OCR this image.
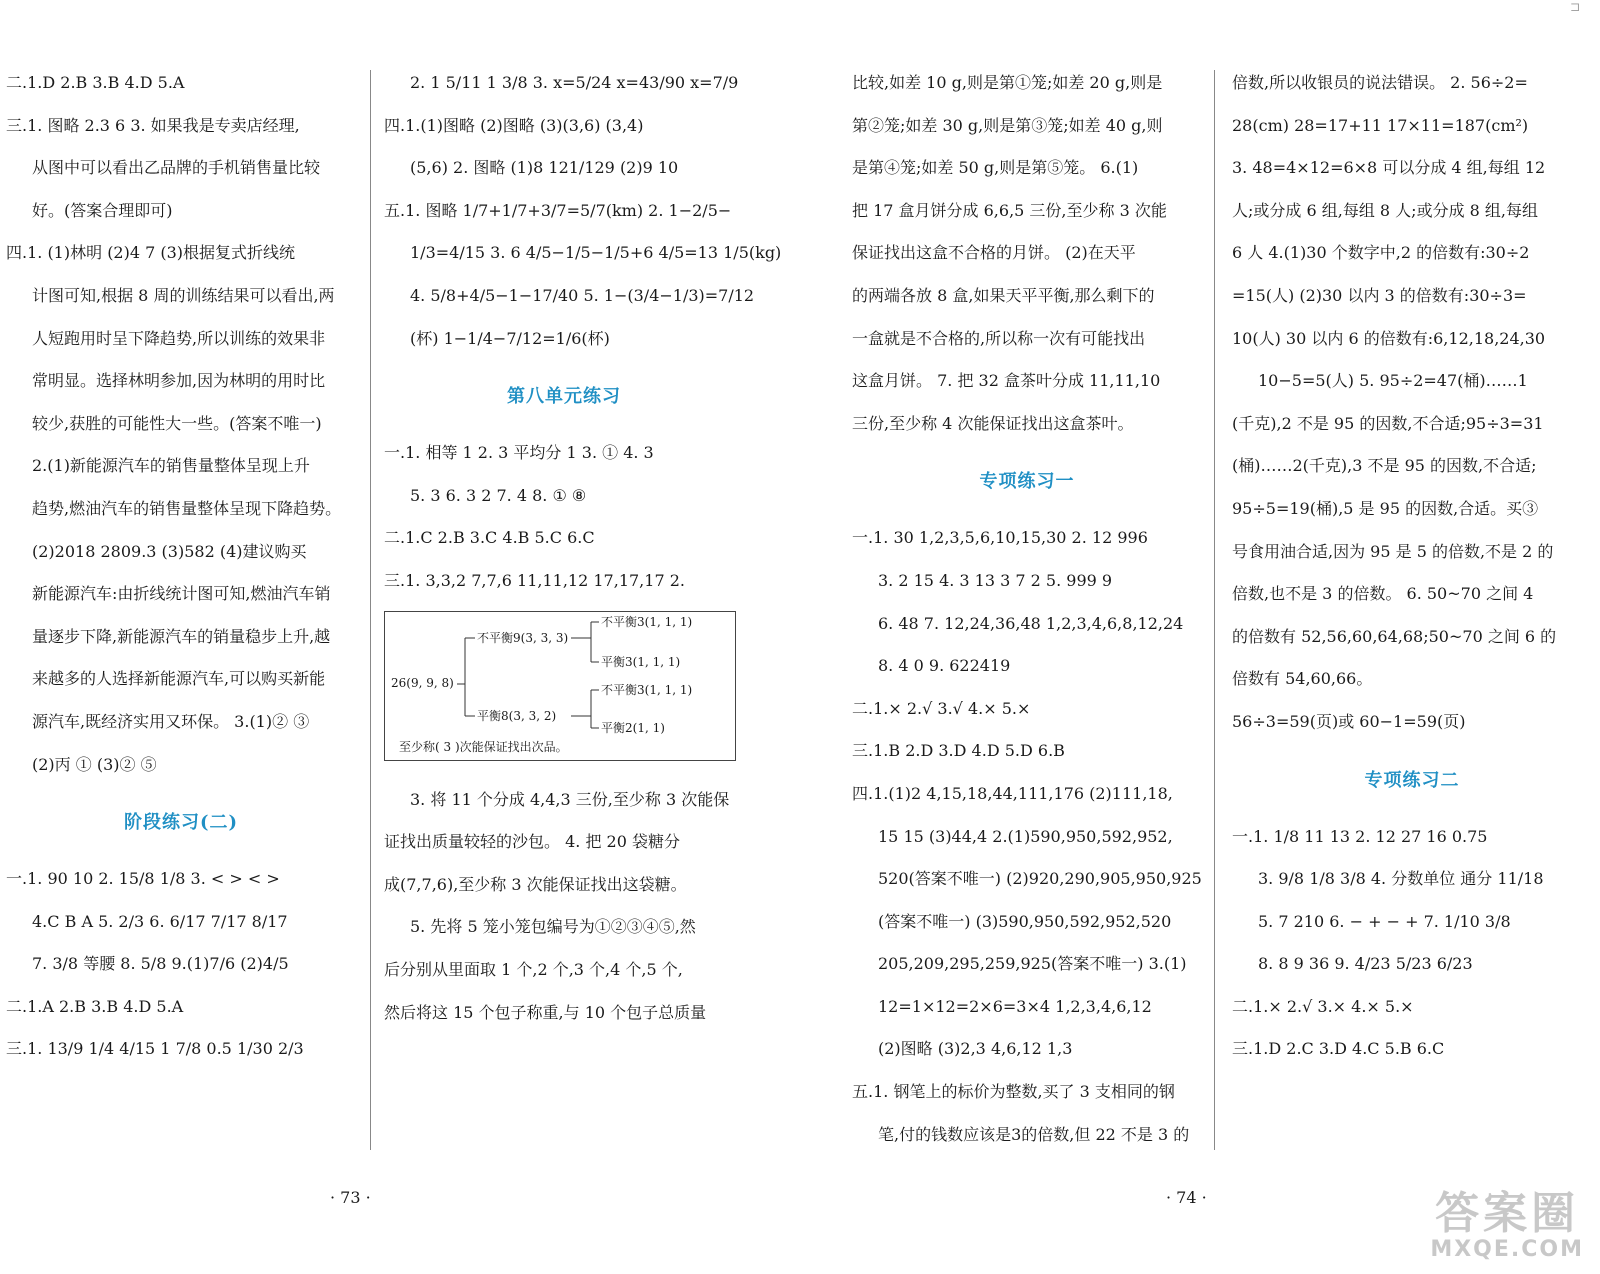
⊐

二.1.D 2.B 3.B 4.D 5.A

三.1. 图略 2.3 6 3. 如果我是专卖店经理,

从图中可以看出乙品牌的手机销售量比较

好。(答案合理即可)

四.1. (1)林明 (2)4 7 (3)根据复式折线统

计图可知,根据 8 周的训练结果可以看出,两

人短跑用时呈下降趋势,所以训练的效果非

常明显。选择林明参加,因为林明的用时比

较少,获胜的可能性大一些。(答案不唯一)

2.(1)新能源汽车的销售量整体呈现上升

趋势,燃油汽车的销售量整体呈现下降趋势。

(2)2018 2809.3 (3)582 (4)建议购买

新能源汽车:由折线统计图可知,燃油汽车销

量逐步下降,新能源汽车的销量稳步上升,越

来越多的人选择新能源汽车,可以购买新能

源汽车,既经济实用又环保。 3.(1)② ③

(2)丙 ① (3)② ⑤

阶段练习(二)

一.1. 90 10 2. 15/8 1/8 3. < > < >

4.C B A 5. 2/3 6. 6/17 7/17 8/17

7. 3/8 等腰 8. 5/8 9.(1)7/6 (2)4/5

二.1.A 2.B 3.B 4.D 5.A

三.1. 13/9 1/4 4/15 1 7/8 0.5 1/30 2/3

2. 1 5/11 1 3/8 3. x=5/24 x=43/90 x=7/9

四.1.(1)图略 (2)图略 (3)(3,6) (3,4)

(5,6) 2. 图略 (1)8 121/129 (2)9 10

五.1. 图略 1/7+1/7+3/7=5/7(km) 2. 1−2/5−

1/3=4/15 3. 6 4/5−1/5−1/5+6 4/5=13 1/5(kg)

4. 5/8+4/5−1−17/40 5. 1−(3/4−1/3)=7/12

(杯) 1−1/4−7/12=1/6(杯)

第八单元练习

一.1. 相等 1 2. 3 平均分 1 3. ① 4. 3

5. 3 6. 3 2 7. 4 8. ① ⑧

二.1.C 2.B 3.C 4.B 5.C 6.C

三.1. 3,3,2 7,7,6 11,11,12 17,17,17 2.

26(9, 9, 8)
不平衡9(3, 3, 3)
平衡8(3, 3, 2)
不平衡3(1, 1, 1)
平衡3(1, 1, 1)
不平衡3(1, 1, 1)
平衡2(1, 1)
至少称( 3 )次能保证找出次品。

3. 将 11 个分成 4,4,3 三份,至少称 3 次能保

证找出质量较轻的沙包。 4. 把 20 袋糖分

成(7,7,6),至少称 3 次能保证找出这袋糖。

5. 先将 5 笼小笼包编号为①②③④⑤,然

后分别从里面取 1 个,2 个,3 个,4 个,5 个,

然后将这 15 个包子称重,与 10 个包子总质量

比较,如差 10 g,则是第①笼;如差 20 g,则是

第②笼;如差 30 g,则是第③笼;如差 40 g,则

是第④笼;如差 50 g,则是第⑤笼。 6.(1)

把 17 盒月饼分成 6,6,5 三份,至少称 3 次能

保证找出这盒不合格的月饼。 (2)在天平

的两端各放 8 盒,如果天平平衡,那么剩下的

一盒就是不合格的,所以称一次有可能找出

这盒月饼。 7. 把 32 盒茶叶分成 11,11,10

三份,至少称 4 次能保证找出这盒茶叶。

专项练习一

一.1. 30 1,2,3,5,6,10,15,30 2. 12 996

3. 2 15 4. 3 13 3 7 2 5. 999 9

6. 48 7. 12,24,36,48 1,2,3,4,6,8,12,24

8. 4 0 9. 622419

二.1.× 2.√ 3.√ 4.× 5.×

三.1.B 2.D 3.D 4.D 5.D 6.B

四.1.(1)2 4,15,18,44,111,176 (2)111,18,

15 15 (3)44,4 2.(1)590,950,592,952,

520(答案不唯一) (2)920,290,905,950,925

(答案不唯一) (3)590,950,592,952,520

205,209,295,259,925(答案不唯一) 3.(1)

12=1×12=2×6=3×4 1,2,3,4,6,12

(2)图略 (3)2,3 4,6,12 1,3

五.1. 钢笔上的标价为整数,买了 3 支相同的钢

笔,付的钱数应该是3的倍数,但 22 不是 3 的

倍数,所以收银员的说法错误。 2. 56÷2=

28(cm) 28=17+11 17×11=187(cm²)

3. 48=4×12=6×8 可以分成 4 组,每组 12

人;或分成 6 组,每组 8 人;或分成 8 组,每组

6 人 4.(1)30 个数字中,2 的倍数有:30÷2

=15(人) (2)30 以内 3 的倍数有:30÷3=

10(人) 30 以内 6 的倍数有:6,12,18,24,30

10−5=5(人) 5. 95÷2=47(桶)……1

(千克),2 不是 95 的因数,不合适;95÷3=31

(桶)……2(千克),3 不是 95 的因数,不合适;

95÷5=19(桶),5 是 95 的因数,合适。买③

号食用油合适,因为 95 是 5 的倍数,不是 2 的

倍数,也不是 3 的倍数。 6. 50~70 之间 4

的倍数有 52,56,60,64,68;50~70 之间 6 的

倍数有 54,60,66。

56÷3=59(页)或 60−1=59(页)

专项练习二

一.1. 1/8 11 13 2. 12 27 16 0.75

3. 9/8 1/8 3/8 4. 分数单位 通分 11/18

5. 7 210 6. − + − + 7. 1/10 3/8

8. 8 9 36 9. 4/23 5/23 6/23

二.1.× 2.√ 3.× 4.× 5.×

三.1.D 2.C 3.D 4.C 5.B 6.C

· 73 ·	· 74 ·	答案圈
MXQE.COM
